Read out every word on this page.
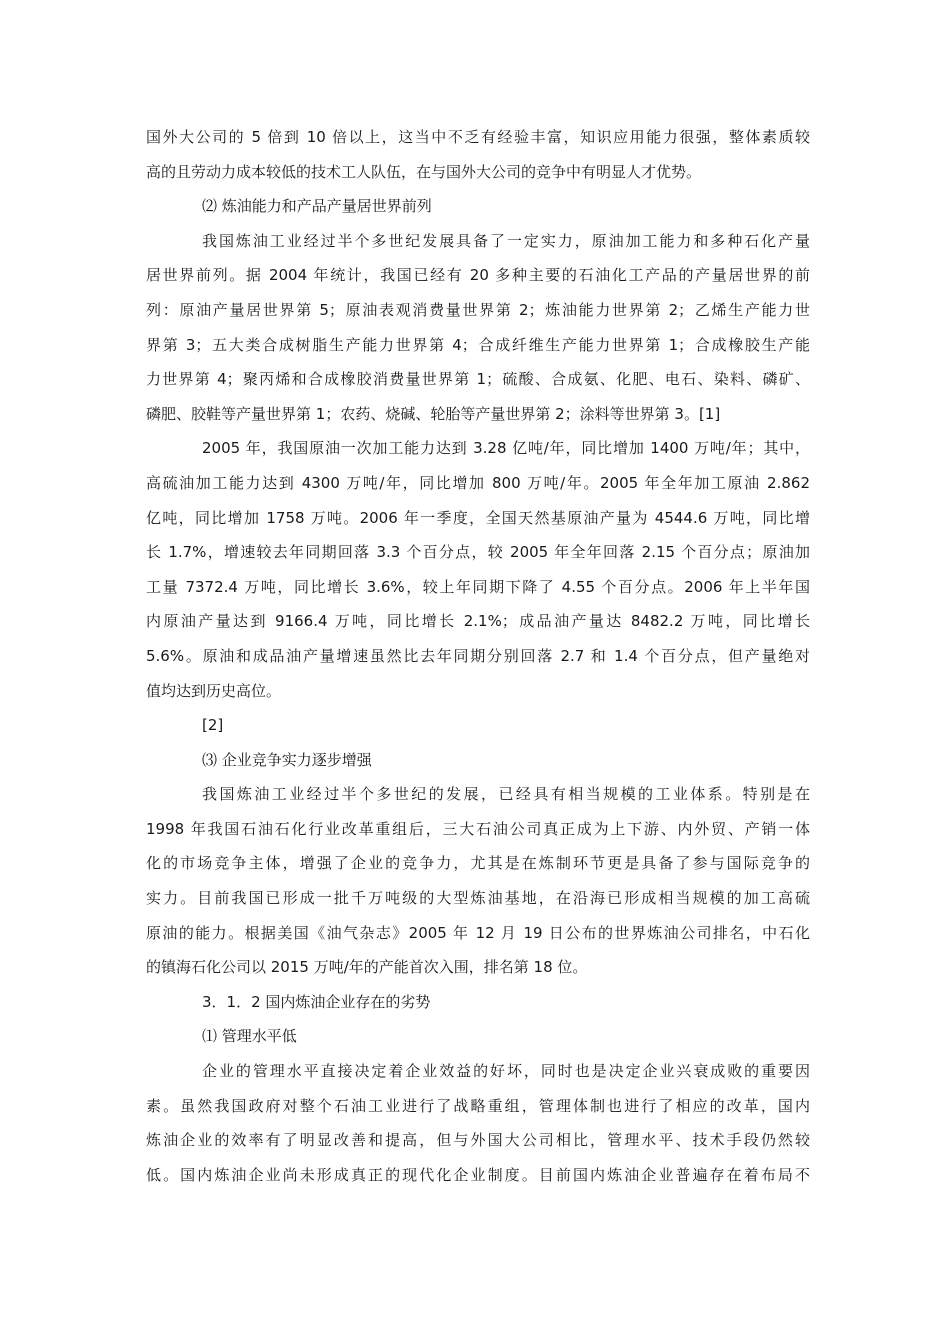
国外大公司的 5 倍到 10 倍以上，这当中不乏有经验丰富，知识应用能力很强，整体素质较
高的且劳动力成本较低的技术工人队伍，在与国外大公司的竞争中有明显人才优势。
⑵ 炼油能力和产品产量居世界前列
我国炼油工业经过半个多世纪发展具备了一定实力，原油加工能力和多种石化产量
居世界前列。据 2004 年统计，我国已经有 20 多种主要的石油化工产品的产量居世界的前
列：原油产量居世界第 5；原油表观消费量世界第 2；炼油能力世界第 2；乙烯生产能力世
界第 3；五大类合成树脂生产能力世界第 4；合成纤维生产能力世界第 1；合成橡胶生产能
力世界第 4；聚丙烯和合成橡胶消费量世界第 1；硫酸、合成氨、化肥、电石、染料、磷矿、
磷肥、胶鞋等产量世界第 1；农药、烧碱、轮胎等产量世界第 2；涂料等世界第 3。[1]
2005 年，我国原油一次加工能力达到 3.28 亿吨/年，同比增加 1400 万吨/年；其中，
高硫油加工能力达到 4300 万吨/年，同比增加 800 万吨/年。2005 年全年加工原油 2.862
亿吨，同比增加 1758 万吨。2006 年一季度，全国天然基原油产量为 4544.6 万吨，同比增
长 1.7%，增速较去年同期回落 3.3 个百分点，较 2005 年全年回落 2.15 个百分点；原油加
工量 7372.4 万吨，同比增长 3.6%，较上年同期下降了 4.55 个百分点。2006 年上半年国
内原油产量达到 9166.4 万吨，同比增长 2.1%；成品油产量达 8482.2 万吨，同比增长
5.6%。原油和成品油产量增速虽然比去年同期分别回落 2.7 和 1.4 个百分点，但产量绝对
值均达到历史高位。
[2]
⑶ 企业竞争实力逐步增强
我国炼油工业经过半个多世纪的发展，已经具有相当规模的工业体系。特别是在
1998 年我国石油石化行业改革重组后，三大石油公司真正成为上下游、内外贸、产销一体
化的市场竞争主体，增强了企业的竞争力，尤其是在炼制环节更是具备了参与国际竞争的
实力。目前我国已形成一批千万吨级的大型炼油基地，在沿海已形成相当规模的加工高硫
原油的能力。根据美国《油气杂志》2005 年 12 月 19 日公布的世界炼油公司排名，中石化
的镇海石化公司以 2015 万吨/年的产能首次入围，排名第 18 位。
3．1．2 国内炼油企业存在的劣势
⑴ 管理水平低
企业的管理水平直接决定着企业效益的好坏，同时也是决定企业兴衰成败的重要因
素。虽然我国政府对整个石油工业进行了战略重组，管理体制也进行了相应的改革，国内
炼油企业的效率有了明显改善和提高，但与外国大公司相比，管理水平、技术手段仍然较
低。国内炼油企业尚未形成真正的现代化企业制度。目前国内炼油企业普遍存在着布局不
